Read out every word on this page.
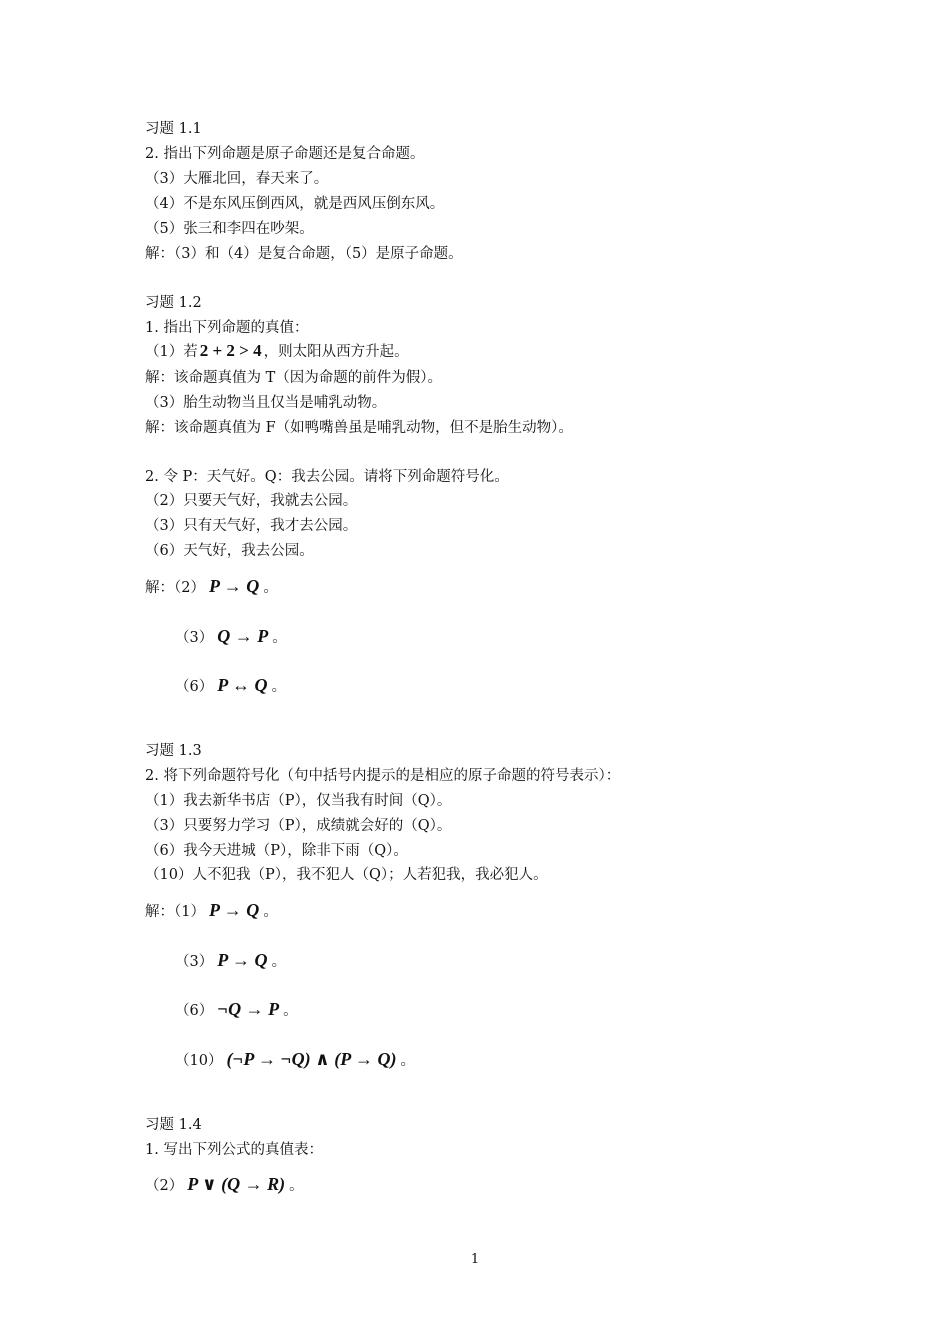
习题 1.1
2. 指出下列命题是原子命题还是复合命题。
（3）大雁北回，春天来了。
（4）不是东风压倒西风，就是西风压倒东风。
（5）张三和李四在吵架。
解：（3）和（4）是复合命题，（5）是原子命题。
习题 1.2
1. 指出下列命题的真值：
（1）若 2 + 2 > 4 ，则太阳从西方升起。
解：该命题真值为 T（因为命题的前件为假）。
（3）胎生动物当且仅当是哺乳动物。
解：该命题真值为 F（如鸭嘴兽虽是哺乳动物，但不是胎生动物）。
2. 令 P：天气好。Q：我去公园。请将下列命题符号化。
（2）只要天气好，我就去公园。
（3）只有天气好，我才去公园。
（6）天气好，我去公园。
解：（2） P → Q 。
（3） Q → P 。
（6） P ↔ Q 。
习题 1.3
2. 将下列命题符号化（句中括号内提示的是相应的原子命题的符号表示）：
（1）我去新华书店（P），仅当我有时间（Q）。
（3）只要努力学习（P），成绩就会好的（Q）。
（6）我今天进城（P），除非下雨（Q）。
（10）人不犯我（P），我不犯人（Q）；人若犯我，我必犯人。
解：（1） P → Q 。
（3） P → Q 。
（6） ¬Q → P 。
（10） (¬P → ¬Q) ∧ (P → Q) 。
习题 1.4
1. 写出下列公式的真值表：
（2） P ∨ (Q → R) 。
1
